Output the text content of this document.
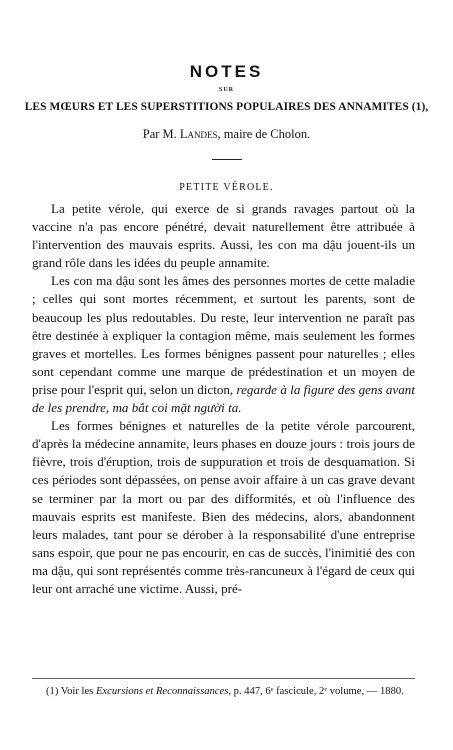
NOTES
SUR
LES MŒURS ET LES SUPERSTITIONS POPULAIRES DES ANNAMITES (1),
Par M. Landes, maire de Cholon.
PETITE VÉROLE.

La petite vérole, qui exerce de si grands ravages partout où la vaccine n'a pas encore pénétré, devait naturellement être attribuée à l'intervention des mauvais esprits. Aussi, les con ma dậu jouent-ils un grand rôle dans les idées du peuple annamite.

Les con ma dậu sont les âmes des personnes mortes de cette maladie ; celles qui sont mortes récemment, et surtout les parents, sont de beaucoup les plus redoutables. Du reste, leur intervention ne paraît pas être destinée à expliquer la contagion même, mais seulement les formes graves et mortelles. Les formes bénignes passent pour naturelles ; elles sont cependant comme une marque de prédestination et un moyen de prise pour l'esprit qui, selon un dicton, regarde à la figure des gens avant de les prendre, ma bắt coi mặt người ta.

Les formes bénignes et naturelles de la petite vérole parcourent, d'après la médecine annamite, leurs phases en douze jours : trois jours de fièvre, trois d'éruption, trois de suppuration et trois de desquamation. Si ces périodes sont dépassées, on pense avoir affaire à un cas grave devant se terminer par la mort ou par des difformités, et où l'influence des mauvais esprits est manifeste. Bien des médecins, alors, abandonnent leurs malades, tant pour se dérober à la responsabilité d'une entreprise sans espoir, que pour ne pas encourir, en cas de succès, l'inimitié des con ma dậu, qui sont représentés comme très-rancuneux à l'égard de ceux qui leur ont arraché une victime. Aussi, pré-

(1) Voir les Excursions et Reconnaissances, p. 447, 6ᵉ fascicule, 2ᵉ volume, — 1880.
